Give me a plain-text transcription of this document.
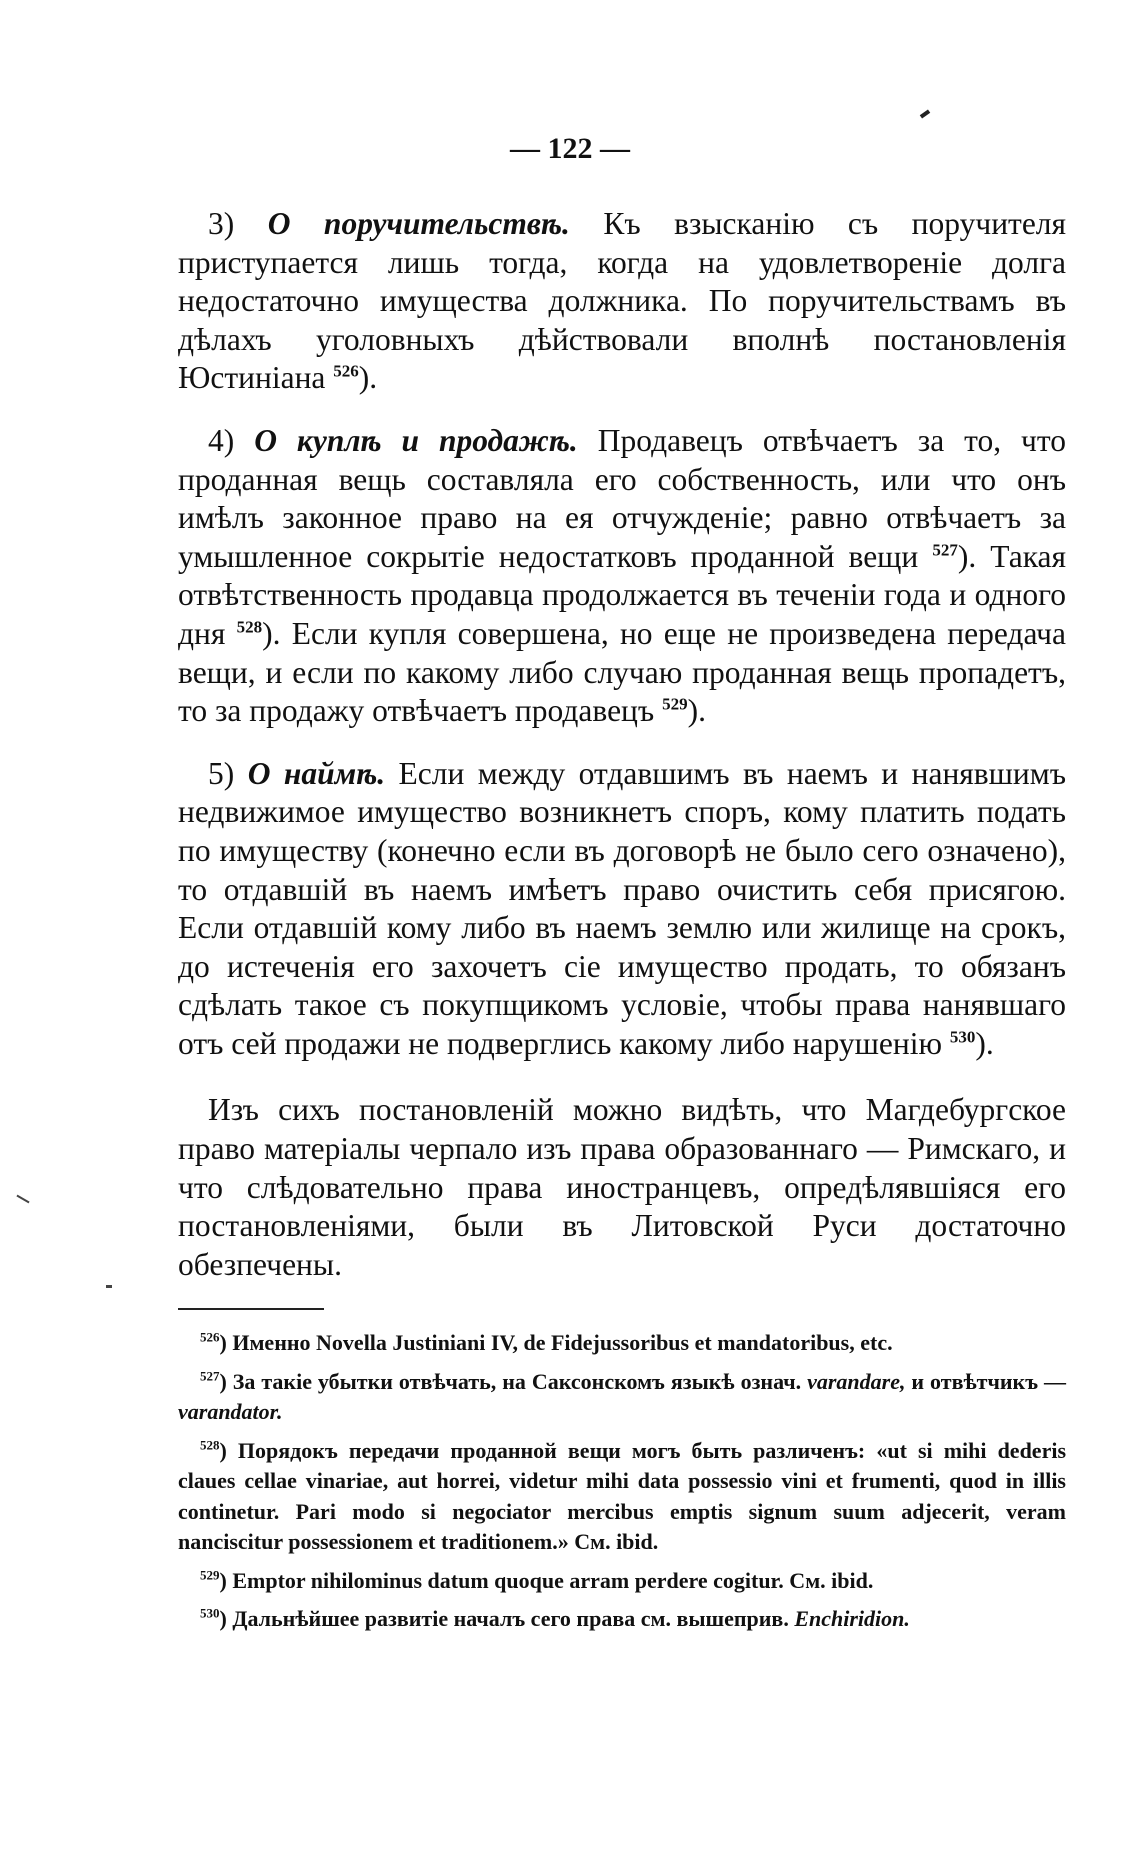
— 122 —

3) О поручительствѣ. Къ взысканію съ поручителя приступается лишь тогда, когда на удовлетвореніе долга недостаточно имущества должника. По поручительствамъ въ дѣлахъ уголовныхъ дѣйствовали вполнѣ постановленія Юстиніана $^{526}$).

4) О куплѣ и продажѣ. Продавецъ отвѣчаетъ за то, что проданная вещь составляла его собственность, или что онъ имѣлъ законное право на ея отчужденіе; равно отвѣчаетъ за умышленное сокрытіе недостатковъ проданной вещи $^{527}$). Такая отвѣтственность продавца продолжается въ теченіи года и одного дня $^{528}$). Если купля совершена, но еще не произведена передача вещи, и если по какому либо случаю проданная вещь пропадетъ, то за продажу отвѣчаетъ продавецъ $^{529}$).

5) О наймѣ. Если между отдавшимъ въ наемъ и нанявшимъ недвижимое имущество возникнетъ споръ, кому платить подать по имуществу (конечно если въ договорѣ не было сего означено), то отдавшій въ наемъ имѣетъ право очистить себя присягою. Если отдавшій кому либо въ наемъ землю или жилище на срокъ, до истеченія его захочетъ сіе имущество продать, то обязанъ сдѣлать такое съ покупщикомъ условіе, чтобы права нанявшаго отъ сей продажи не подверглись какому либо нарушенію $^{530}$).

Изъ сихъ постановленій можно видѣть, что Магдебургское право матеріалы черпало изъ права образованнаго — Римскаго, и что слѣдовательно права иностранцевъ, опредѣлявшіяся его постановленіями, были въ Литовской Руси достаточно обезпечены.

$^{526}$) Именно Novella Justiniani IV, de Fidejussoribus et mandatoribus, etc.

$^{527}$) За такіе убытки отвѣчать, на Саксонскомъ языкѣ означ. varandare, и отвѣтчикъ — varandator.

$^{528}$) Порядокъ передачи проданной вещи могъ быть различенъ: «ut si mihi dederis claues cellae vinariae, aut horrei, videtur mihi data possessio vini et frumenti, quod in illis continetur. Pari modo si negociator mercibus emptis signum suum adjecerit, veram nanciscitur possessionem et traditionem.» См. ibid.

$^{529}$) Emptor nihilominus datum quoque arram perdere cogitur. См. ibid.

$^{530}$) Дальнѣйшее развитіе началъ сего права см. вышеприв. Enchiridion.
